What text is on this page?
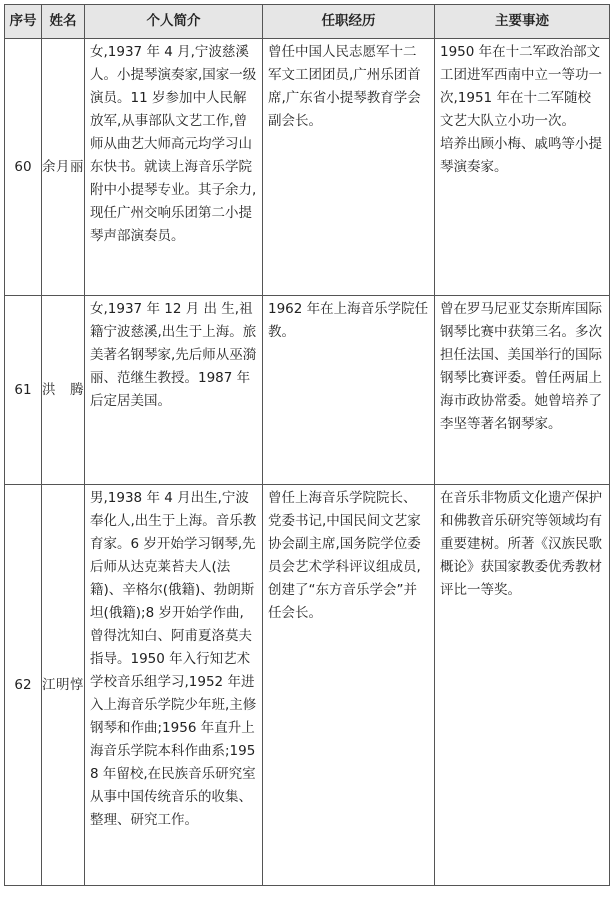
序号	姓名	个人简介	任职经历	主要事迹
60	余月丽	女,1937 年 4 月,宁波慈溪人。小提琴演奏家,国家一级演员。11 岁参加中人民解放军,从事部队文艺工作,曾师从曲艺大师高元均学习山东快书。就读上海音乐学院附中小提琴专业。其子余力,现任广州交响乐团第二小提琴声部演奏员。	曾任中国人民志愿军十二军文工团团员,广州乐团首席,广东省小提琴教育学会副会长。	1950 年在十二军政治部文工团进军西南中立一等功一次,1951 年在十二军随校文艺大队立小功一次。
培养出顾小梅、戚鸣等小提琴演奏家。

61	洪　腾	女,1937 年 12 月 出 生,祖籍宁波慈溪,出生于上海。旅美著名钢琴家,先后师从巫漪丽、范继生教授。1987 年后定居美国。	1962 年在上海音乐学院任教。	曾在罗马尼亚艾奈斯库国际钢琴比赛中获第三名。多次担任法国、美国举行的国际钢琴比赛评委。曾任两届上海市政协常委。她曾培养了李坚等著名钢琴家。

62	江明惇	男,1938 年 4 月出生,宁波奉化人,出生于上海。音乐教育家。6 岁开始学习钢琴,先后师从达克莱苔夫人(法籍)、辛格尔(俄籍)、勃朗斯坦(俄籍);8 岁开始学作曲,曾得沈知白、阿甫夏洛莫夫指导。1950 年入行知艺术学校音乐组学习,1952 年进入上海音乐学院少年班,主修钢琴和作曲;1956 年直升上海音乐学院本科作曲系;1958 年留校,在民族音乐研究室从事中国传统音乐的收集、整理、研究工作。	曾任上海音乐学院院长、党委书记,中国民间文艺家协会副主席,国务院学位委员会艺术学科评议组成员,创建了“东方音乐学会”并任会长。	在音乐非物质文化遗产保护和佛教音乐研究等领域均有重要建树。所著《汉族民歌概论》获国家教委优秀教材评比一等奖。
